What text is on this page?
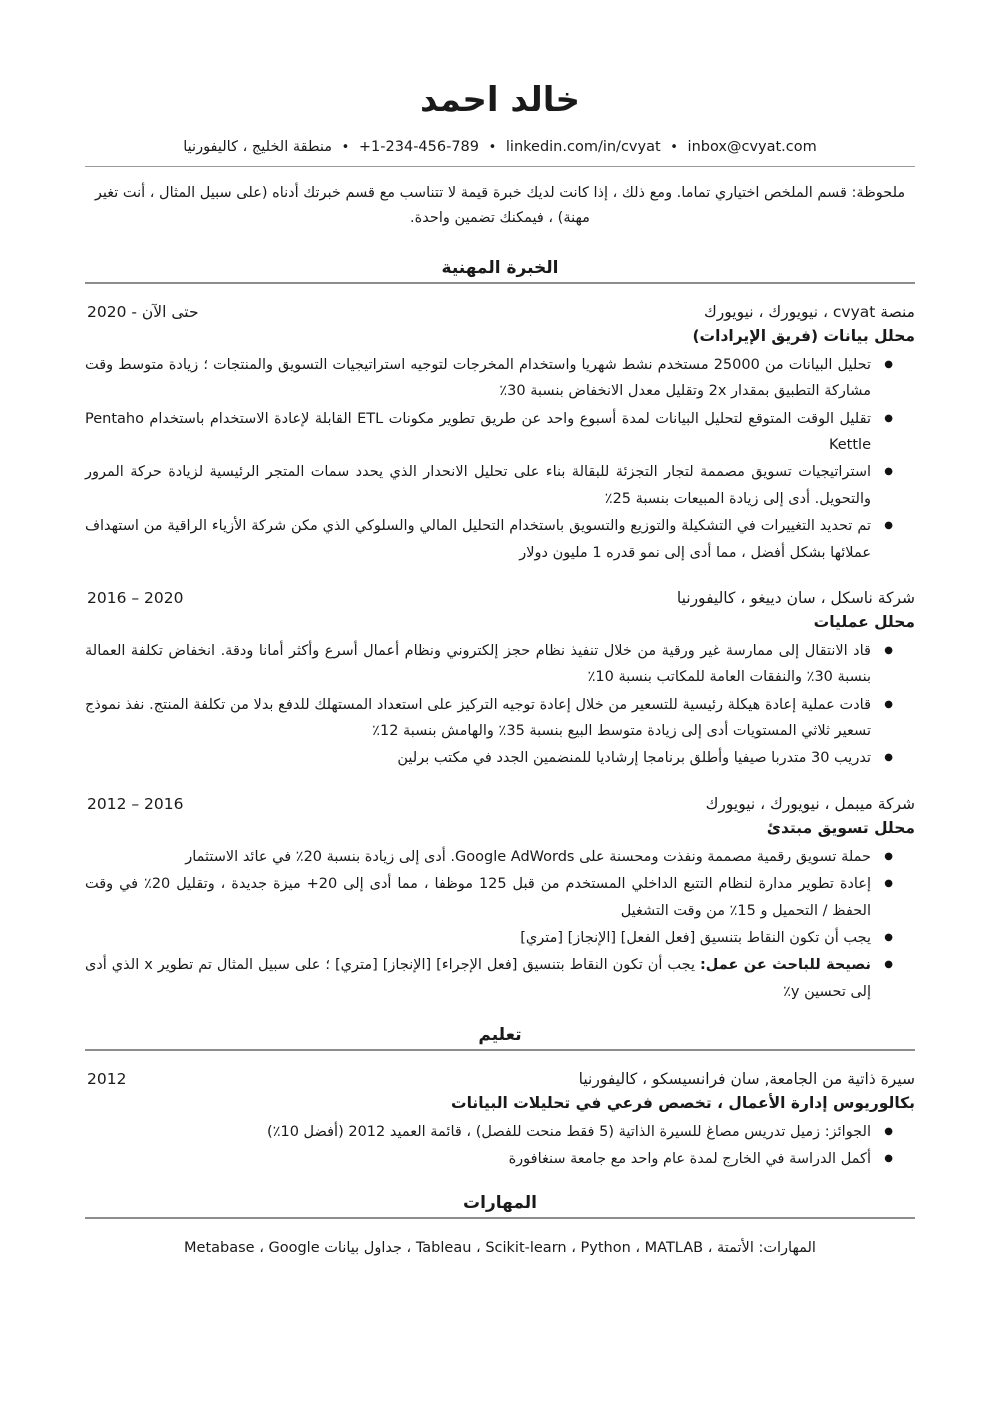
خالد احمد
inbox@cvyat.com • linkedin.com/in/cvyat • +1-234-456-789 • منطقة الخليج ، كاليفورنيا

ملحوظة: قسم الملخص اختياري تماما. ومع ذلك ، إذا كانت لديك خبرة قيمة لا تتناسب مع قسم خبرتك أدناه (على سبيل المثال ، أنت تغير مهنة) ، فيمكنك تضمين واحدة.

الخبرة المهنية
منصة cvyat ، نيويورك ، نيويورك
محلل بيانات (فريق الإيرادات)
2020 - حتى الآن
● تحليل البيانات من 25000 مستخدم نشط شهريا واستخدام المخرجات لتوجيه استراتيجيات التسويق والمنتجات ؛ زيادة متوسط وقت مشاركة التطبيق بمقدار 2x وتقليل معدل الانخفاض بنسبة 30٪
● تقليل الوقت المتوقع لتحليل البيانات لمدة أسبوع واحد عن طريق تطوير مكونات ETL القابلة لإعادة الاستخدام باستخدام Pentaho Kettle
● استراتيجيات تسويق مصممة لتجار التجزئة للبقالة بناء على تحليل الانحدار الذي يحدد سمات المتجر الرئيسية لزيادة حركة المرور والتحويل. أدى إلى زيادة المبيعات بنسبة 25٪
● تم تحديد التغييرات في التشكيلة والتوزيع والتسويق باستخدام التحليل المالي والسلوكي الذي مكن شركة الأزياء الراقية من استهداف عملائها بشكل أفضل ، مما أدى إلى نمو قدره 1 مليون دولار
شركة ناسكل ، سان دييغو ، كاليفورنيا
محلل عمليات
2016 – 2020
● قاد الانتقال إلى ممارسة غير ورقية من خلال تنفيذ نظام حجز إلكتروني ونظام أعمال أسرع وأكثر أمانا ودقة. انخفاض تكلفة العمالة بنسبة 30٪ والنفقات العامة للمكاتب بنسبة 10٪
● قادت عملية إعادة هيكلة رئيسية للتسعير من خلال إعادة توجيه التركيز على استعداد المستهلك للدفع بدلا من تكلفة المنتج. نفذ نموذج تسعير ثلاثي المستويات أدى إلى زيادة متوسط البيع بنسبة 35٪ والهامش بنسبة 12٪
● تدريب 30 متدربا صيفيا وأطلق برنامجا إرشاديا للمنضمين الجدد في مكتب برلين
شركة ميبمل ، نيويورك ، نيويورك
محلل تسويق مبتدئ
2012 – 2016
● حملة تسويق رقمية مصممة ونفذت ومحسنة على Google AdWords. أدى إلى زيادة بنسبة 20٪ في عائد الاستثمار
● إعادة تطوير مدارة لنظام التتبع الداخلي المستخدم من قبل 125 موظفا ، مما أدى إلى 20+ ميزة جديدة ، وتقليل 20٪ في وقت الحفظ / التحميل و 15٪ من وقت التشغيل
● يجب أن تكون النقاط بتنسيق [فعل الفعل] [الإنجاز] [متري]
● نصيحة للباحث عن عمل: يجب أن تكون النقاط بتنسيق [فعل الإجراء] [الإنجاز] [متري] ؛ على سبيل المثال تم تطوير x الذي أدى إلى تحسين y٪
تعليم
سيرة ذاتية من الجامعة, سان فرانسيسكو ، كاليفورنيا
بكالوريوس إدارة الأعمال ، تخصص فرعي في تحليلات البيانات
2012
● الجوائز: زميل تدريس مصاغ للسيرة الذاتية (5 فقط منحت للفصل) ، قائمة العميد 2012 (أفضل 10٪)
● أكمل الدراسة في الخارج لمدة عام واحد مع جامعة سنغافورة
المهارات
المهارات: الأتمتة ، Tableau ، Scikit-learn ، Python ، MATLAB ، جداول بيانات Metabase ، Google
